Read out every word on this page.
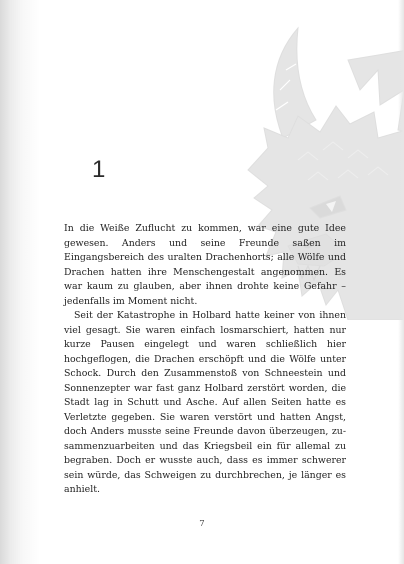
1

In die Weiße Zuflucht zu kommen, war eine gute Idee gewesen. Anders und seine Freunde saßen im Eingangsbereich des uralten Drachenhorts; alle Wölfe und Drachen hatten ihre Menschengestalt angenommen. Es war kaum zu glauben, aber ihnen drohte keine Gefahr – jedenfalls im Moment nicht.

Seit der Katastrophe in Holbard hatte keiner von ihnen viel gesagt. Sie waren einfach losmarschiert, hatten nur kurze Pausen eingelegt und waren schließlich hier hochgeflogen, die Drachen erschöpft und die Wölfe unter Schock. Durch den Zusammenstoß von Schneestein und Sonnenzepter war fast ganz Holbard zerstört worden, die Stadt lag in Schutt und Asche. Auf allen Seiten hatte es Verletzte gegeben. Sie waren verstört und hatten Angst, doch Anders musste seine Freunde davon überzeugen, zusammenzuarbeiten und das Kriegsbeil ein für allemal zu begraben. Doch er wusste auch, dass es immer schwerer sein würde, das Schweigen zu durchbrechen, je länger es anhielt.

7
